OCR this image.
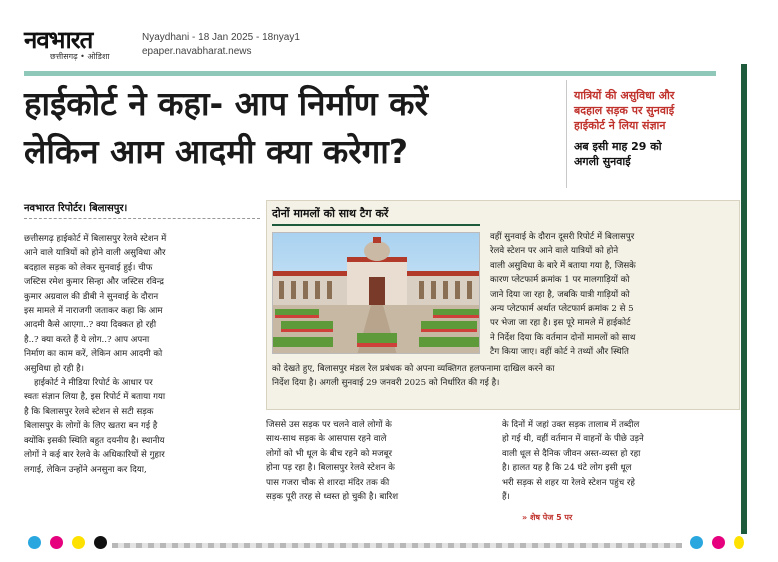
नवभारत
छत्तीसगढ़ • ओडिशा
Nyaydhani - 18 Jan 2025 - 18nyay1
epaper.navabharat.news
हाईकोर्ट ने कहा- आप निर्माण करें
लेकिन आम आदमी क्या करेगा?
यात्रियों की असुविधा और
बदहाल सड़क पर सुनवाई
हाईकोर्ट ने लिया संज्ञान
अब इसी माह 29 को
अगली सुनवाई
नवभारत रिपोर्टर। बिलासपुर।
छत्तीसगढ़ हाईकोर्ट में बिलासपुर रेलवे स्टेशन में
आने वाले यात्रियों को होने वाली असुविधा और
बदहाल सड़क को लेकर सुनवाई हुई। चीफ
जस्टिस रमेश कुमार सिन्हा और जस्टिस रविन्द्र
कुमार अग्रवाल की डीबी ने सुनवाई के दौरान
इस मामले में नाराजगी जताकर कहा कि आम
आदमी कैसे आएगा..? क्या दिक्कत हो रही
है..? क्या करते हैं ये लोग..? आप अपना
निर्माण का काम करें, लेकिन आम आदमी को
असुविधा हो रही है।
हाईकोर्ट ने मीडिया रिपोर्ट के आधार पर
स्वतः संज्ञान लिया है, इस रिपोर्ट में बताया गया
है कि बिलासपुर रेलवे स्टेशन से सटी सड़क
बिलासपुर के लोगों के लिए खतरा बन गई है
क्योंकि इसकी स्थिति बहुत दयनीय है। स्थानीय
लोगों ने कई बार रेलवे के अधिकारियों से गुहार
लगाई, लेकिन उन्होंने अनसुना कर दिया,
दोनों मामलों को साथ टैग करें
वहीं सुनवाई के दौरान दूसरी रिपोर्ट में बिलासपुर
रेलवे स्टेशन पर आने वाले यात्रियों को होने
वाली असुविधा के बारे में बताया गया है, जिसके
कारण प्लेटफार्म क्रमांक 1 पर मालगाड़ियों को
जाने दिया जा रहा है, जबकि यात्री गाड़ियों को
अन्य प्लेटफार्म अर्थात प्लेटफार्म क्रमांक 2 से 5
पर भेजा जा रहा है। इस पूरे मामले में हाईकोर्ट
ने निर्देश दिया कि वर्तमान दोनों मामलों को साथ
टैग किया जाए। वहीं कोर्ट ने तथ्यों और स्थिति
को देखते हुए, बिलासपुर मंडल रेल प्रबंधक को अपना व्यक्तिगत हलफनामा दाखिल करने का
निर्देश दिया है। अगली सुनवाई 29 जनवरी 2025 को निर्धारित की गई है।
जिससे उस सड़क पर चलने वाले लोगों के
साथ-साथ सड़क के आसपास रहने वाले
लोगों को भी धूल के बीच रहने को मजबूर
होना पड़ रहा है। बिलासपुर रेलवे स्टेशन के
पास गजरा चौक से शारदा मंदिर तक की
सड़क पूरी तरह से ध्वस्त हो चुकी है। बारिश
के दिनों में जहां उक्त सड़क तालाब में तब्दील
हो गई थी, वहीं वर्तमान में वाहनों के पीछे उड़ने
वाली धूल से दैनिक जीवन अस्त-व्यस्त हो रहा
है। हालत यह है कि 24 घंटे लोग इसी धूल
भरी सड़क से शहर या रेलवे स्टेशन पहुंच रहे
हैं।
» शेष पेज 5 पर
